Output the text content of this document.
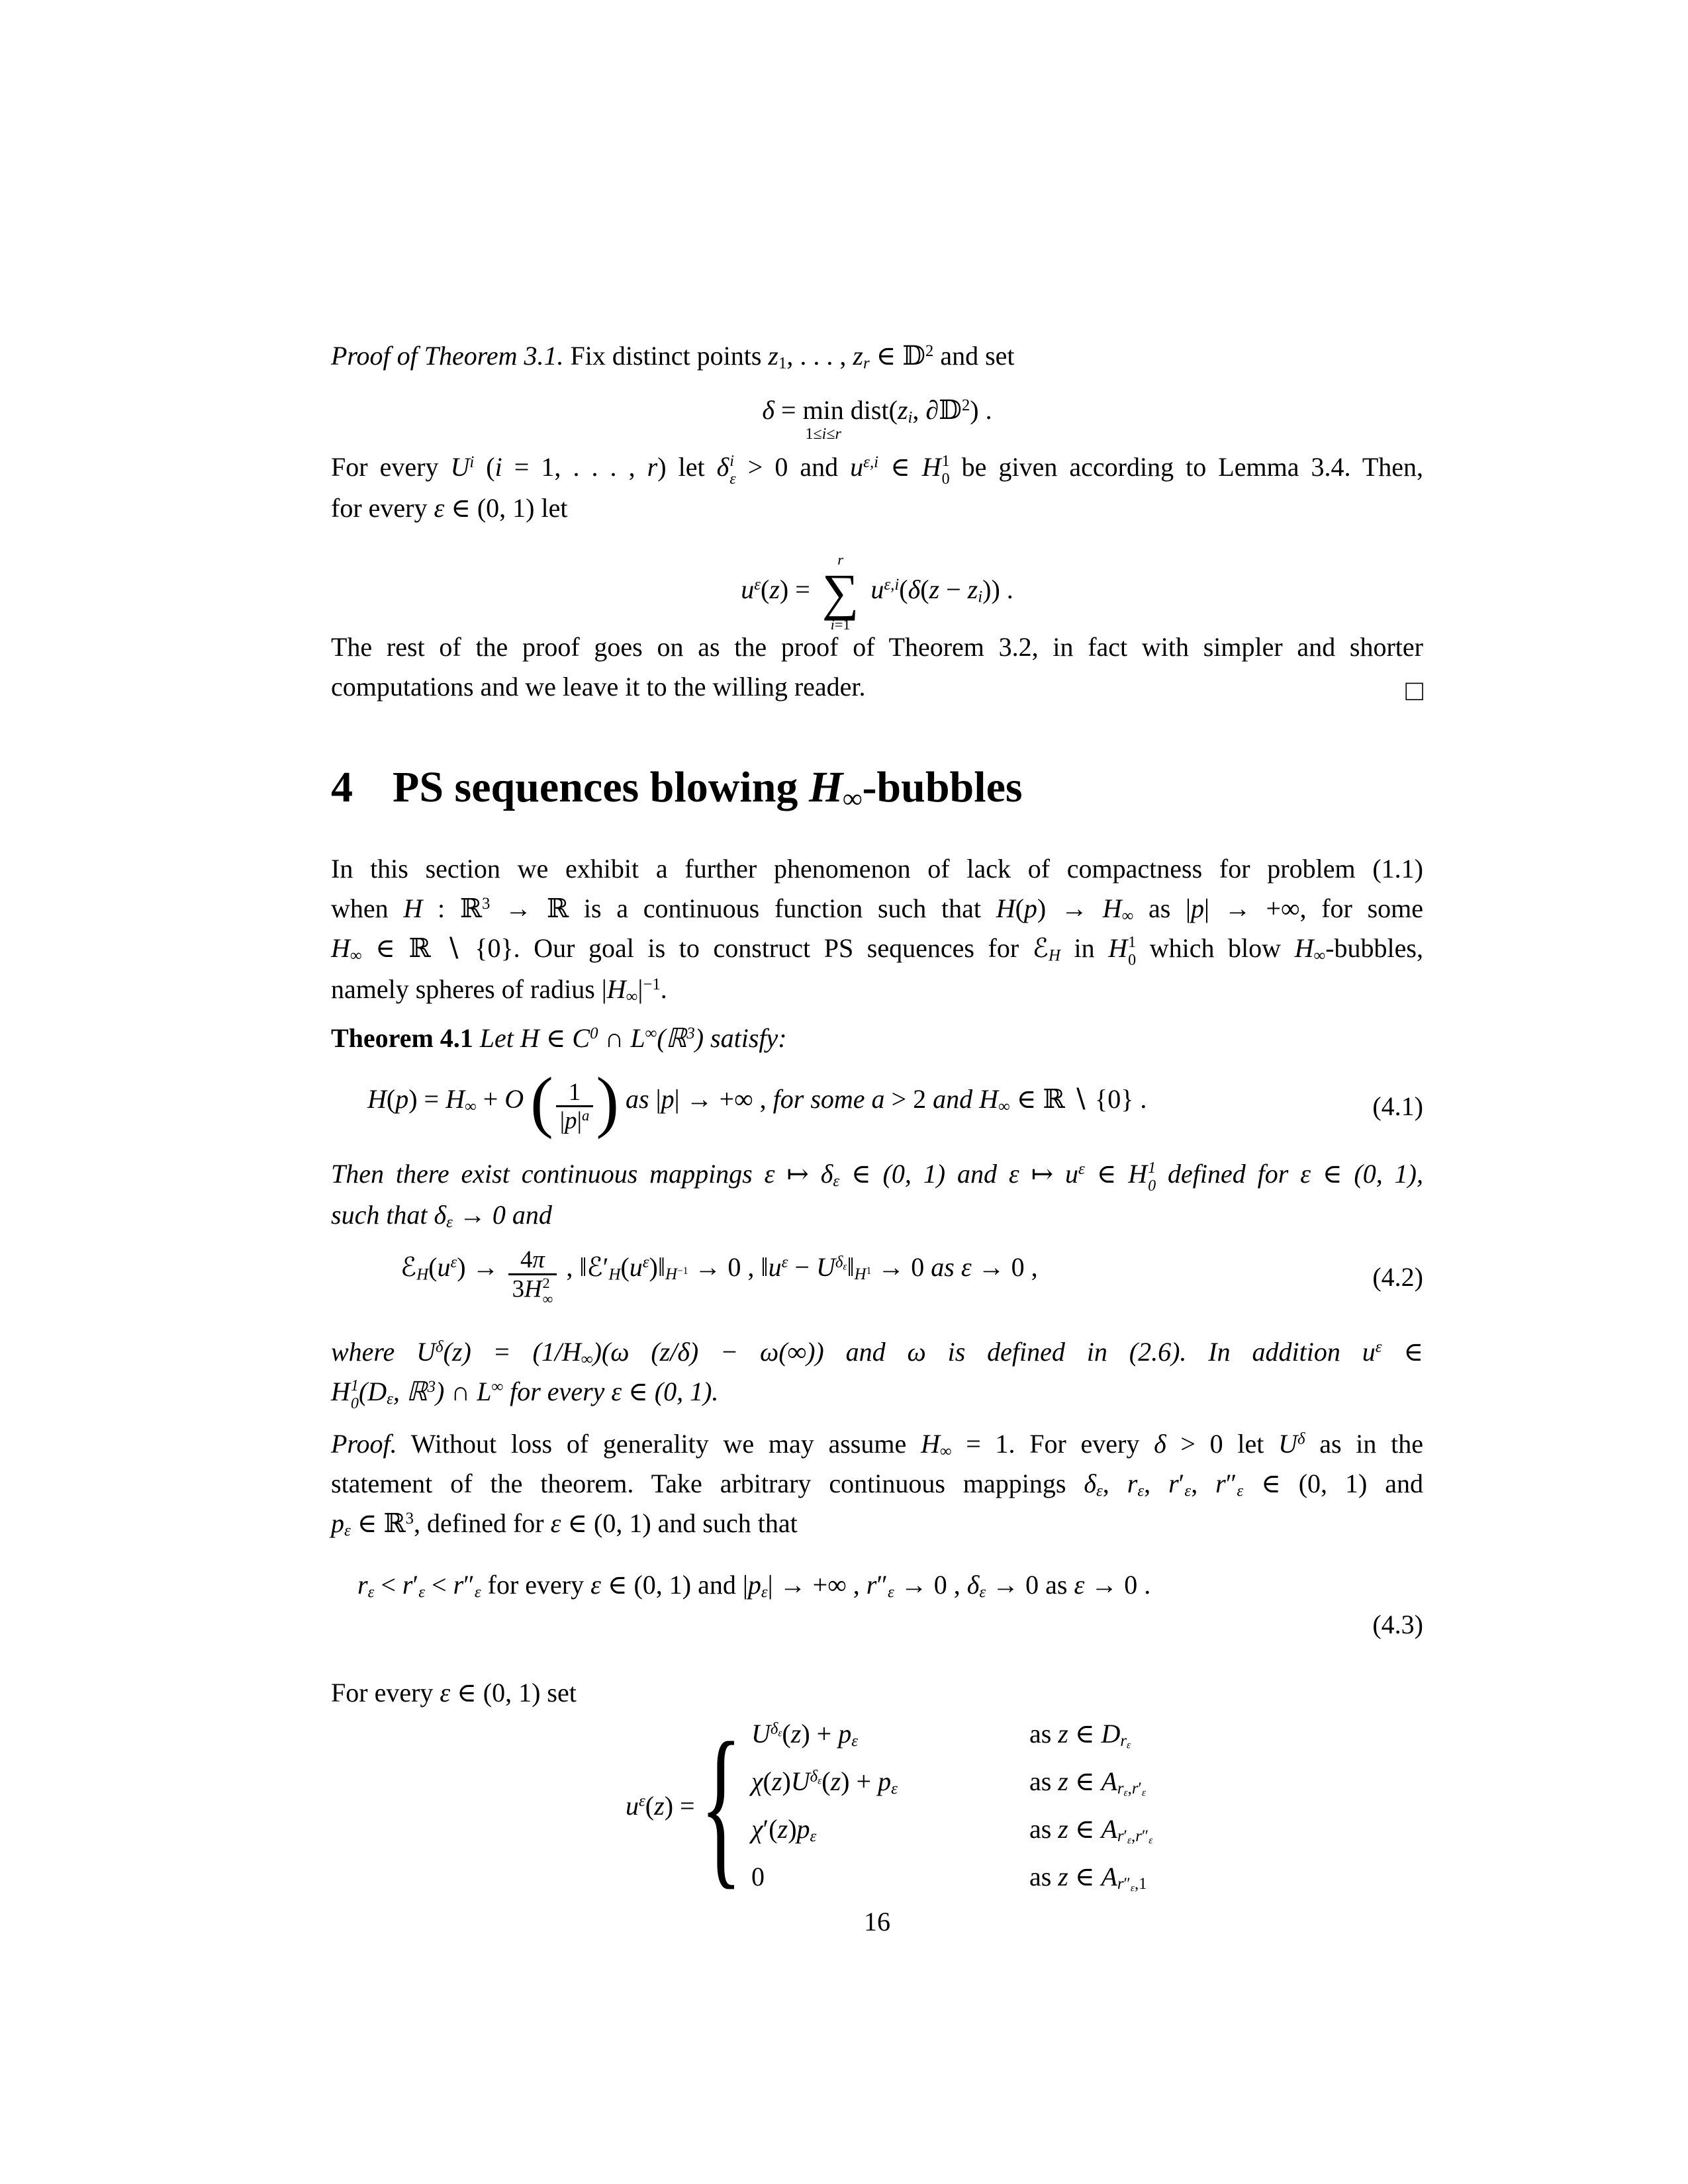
Proof of Theorem 3.1. Fix distinct points $z_1$, . . . , $z_r$ ∈ 𝔻$^2$ and set
δ = min
1≤i≤r
$dist(z_i$, ∂𝔻$^2$) .
For every $U^i$ (i = 1, . . . , r) let δ i
ε > 0 and $u^{\varepsilon,i}$ ∈ H 1
0 be given according to Lemma 3.4. Then,
for every ε ∈ (0, 1) let
$u^\varepsilon(z)$ =
r
∑
i=1
$u^{\varepsilon,i}(\delta(z - z_i))$ .
The rest of the proof goes on as the proof of Theorem 3.2, in fact with simpler and shorter
computations and we leave it to the willing reader.	□
4 PS sequences blowing $H_\infty$-bubbles
In this section we exhibit a further phenomenon of lack of compactness for problem (1.1)
when H : ℝ$^3$ → ℝ is a continuous function such that $H(p) \to H_\infty$ as |p| → +∞, for some
$H_\infty$ ∈ ℝ ∖ {0}. Our goal is to construct PS sequences for ℰ$_H$ in H 1
0 which blow $H_\infty$-bubbles,
namely spheres of radius $|H_\infty|^{-1}$.
Theorem 4.1 Let H ∈ $C^0$ ∩ L∞(ℝ$^3$) satisfy:
$H(p) = H_\infty + O$ ( $\frac{1}{|p|^a}$ ) as |p| → +∞ , for some a > 2 and $H_\infty$ ∈ ℝ ∖ {0} .	(4.1)
Then there exist continuous mappings ε ↦ $\delta_\varepsilon$ ∈ (0, 1) and ε ↦ $u^\varepsilon$ ∈ H 1
0 defined for ε ∈ (0, 1),
such that $\delta_\varepsilon \to 0$ and
$ℰ_H(u^\varepsilon) \to 4\pi$
3H 2
∞ , $‖ℰ'_H(u^\varepsilon)‖_{H^{-1}} \to 0$ , $‖u^\varepsilon$ − $U^{\delta_\varepsilon}‖_{H^1} \to 0$ as ε → 0 ,	(4.2)
where $U^\delta(z) = (1/H_\infty)(\omega$ (z/δ) − ω(∞)) and ω is defined in (2.6). In addition $u^\varepsilon$ ∈
H 1
0 ($D_\varepsilon$, ℝ$^3$) ∩ L∞ for every ε ∈ (0, 1).
Proof. Without loss of generality we may assume $H_\infty = 1$. For every δ > 0 let $U^\delta$ as in the
statement of the theorem. Take arbitrary continuous mappings $\delta_\varepsilon$, $r_\varepsilon$, $r'_\varepsilon$, $r''_\varepsilon$ ∈ (0, 1) and
$p_\varepsilon$ ∈ ℝ$^3$, defined for ε ∈ (0, 1) and such that
$r_\varepsilon < r'_\varepsilon < r''_\varepsilon$ for every ε ∈ (0, 1) and $|p_\varepsilon|$ → +∞ , $r''_\varepsilon \to 0$ , $\delta_\varepsilon \to 0$ as ε → 0 .
(4.3)
For every ε ∈ (0, 1) set
$u^\varepsilon(z)$ = { $U^{\delta_\varepsilon}(z) + p_\varepsilon$	as z ∈ $D_{r_\varepsilon}$
$\chi(z)U^{\delta_\varepsilon}(z) + p_\varepsilon$	as z ∈ $A_{r_\varepsilon,r'_\varepsilon}$
$\chi'(z)p_\varepsilon$	as z ∈ $A_{r'_\varepsilon,r''_\varepsilon}$
0	as z ∈ $A_{r''_\varepsilon,1}$
16
